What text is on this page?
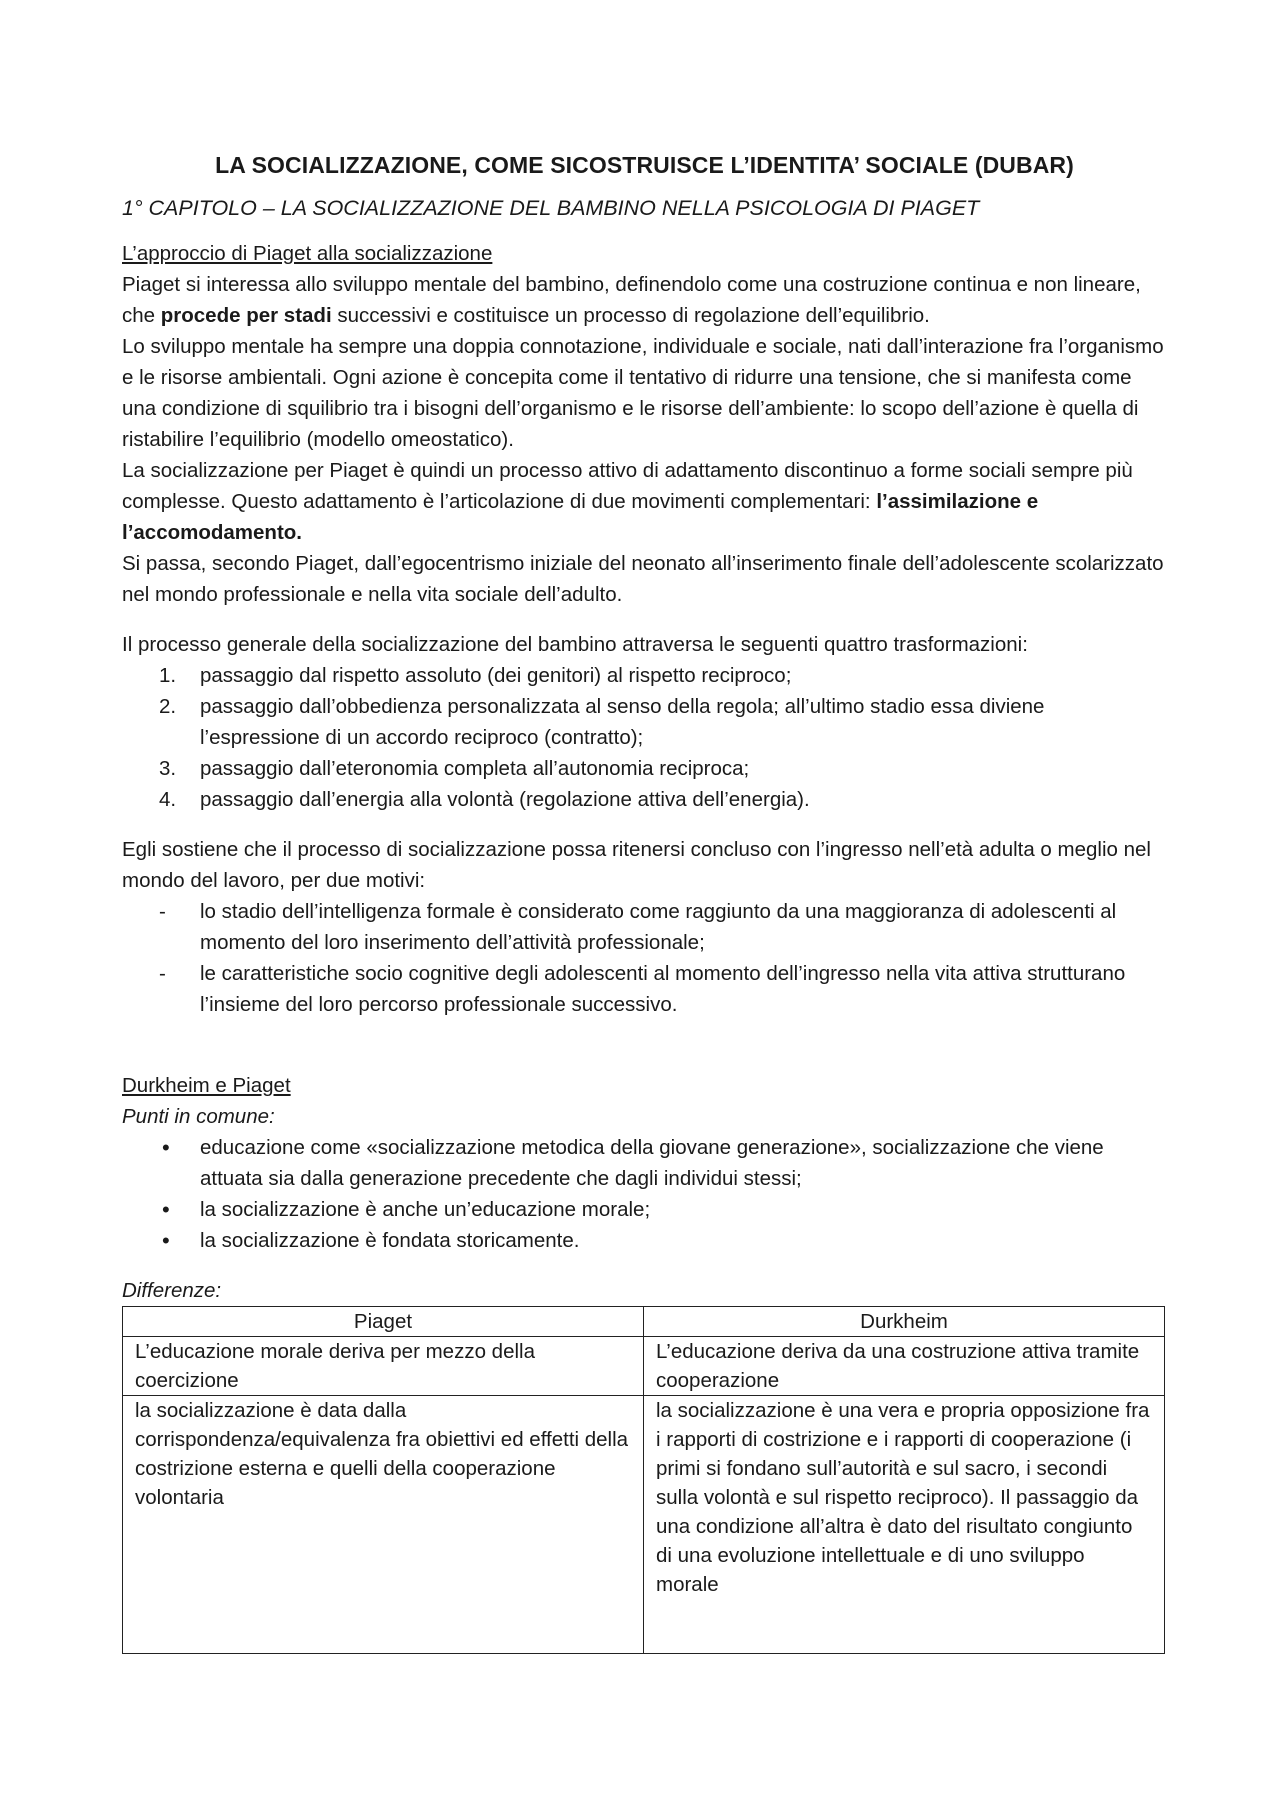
LA SOCIALIZZAZIONE, COME SICOSTRUISCE L’IDENTITA’ SOCIALE (DUBAR)
1° CAPITOLO – LA SOCIALIZZAZIONE DEL BAMBINO NELLA PSICOLOGIA DI PIAGET

L’approccio di Piaget alla socializzazione

Piaget si interessa allo sviluppo mentale del bambino, definendolo come una costruzione continua e non lineare, che procede per stadi successivi e costituisce un processo di regolazione dell’equilibrio.

Lo sviluppo mentale ha sempre una doppia connotazione, individuale e sociale, nati dall’interazione fra l’organismo e le risorse ambientali. Ogni azione è concepita come il tentativo di ridurre una tensione, che si manifesta come una condizione di squilibrio tra i bisogni dell’organismo e le risorse dell’ambiente: lo scopo dell’azione è quella di ristabilire l’equilibrio (modello omeostatico).

La socializzazione per Piaget è quindi un processo attivo di adattamento discontinuo a forme sociali sempre più complesse. Questo adattamento è l’articolazione di due movimenti complementari: l’assimilazione e l’accomodamento.

Si passa, secondo Piaget, dall’egocentrismo iniziale del neonato all’inserimento finale dell’adolescente scolarizzato nel mondo professionale e nella vita sociale dell’adulto.

Il processo generale della socializzazione del bambino attraversa le seguenti quattro trasformazioni:

1. passaggio dal rispetto assoluto (dei genitori) al rispetto reciproco;
2. passaggio dall’obbedienza personalizzata al senso della regola; all’ultimo stadio essa diviene l’espressione di un accordo reciproco (contratto);
3. passaggio dall’eteronomia completa all’autonomia reciproca;
4. passaggio dall’energia alla volontà (regolazione attiva dell’energia).

Egli sostiene che il processo di socializzazione possa ritenersi concluso con l’ingresso nell’età adulta o meglio nel mondo del lavoro, per due motivi:

- lo stadio dell’intelligenza formale è considerato come raggiunto da una maggioranza di adolescenti al momento del loro inserimento dell’attività professionale;
- le caratteristiche socio cognitive degli adolescenti al momento dell’ingresso nella vita attiva strutturano l’insieme del loro percorso professionale successivo.

Durkheim e Piaget

Punti in comune:

• educazione come «socializzazione metodica della giovane generazione», socializzazione che viene attuata sia dalla generazione precedente che dagli individui stessi;
• la socializzazione è anche un’educazione morale;
• la socializzazione è fondata storicamente.

Differenze:

Piaget	Durkheim
L’educazione morale deriva per mezzo della coercizione	L’educazione deriva da una costruzione attiva tramite cooperazione
la socializzazione è data dalla corrispondenza/equivalenza fra obiettivi ed effetti della costrizione esterna e quelli della cooperazione volontaria	la socializzazione è una vera e propria opposizione fra i rapporti di costrizione e i rapporti di cooperazione (i primi si fondano sull’autorità e sul sacro, i secondi sulla volontà e sul rispetto reciproco). Il passaggio da una condizione all’altra è dato del risultato congiunto di una evoluzione intellettuale e di uno sviluppo morale
